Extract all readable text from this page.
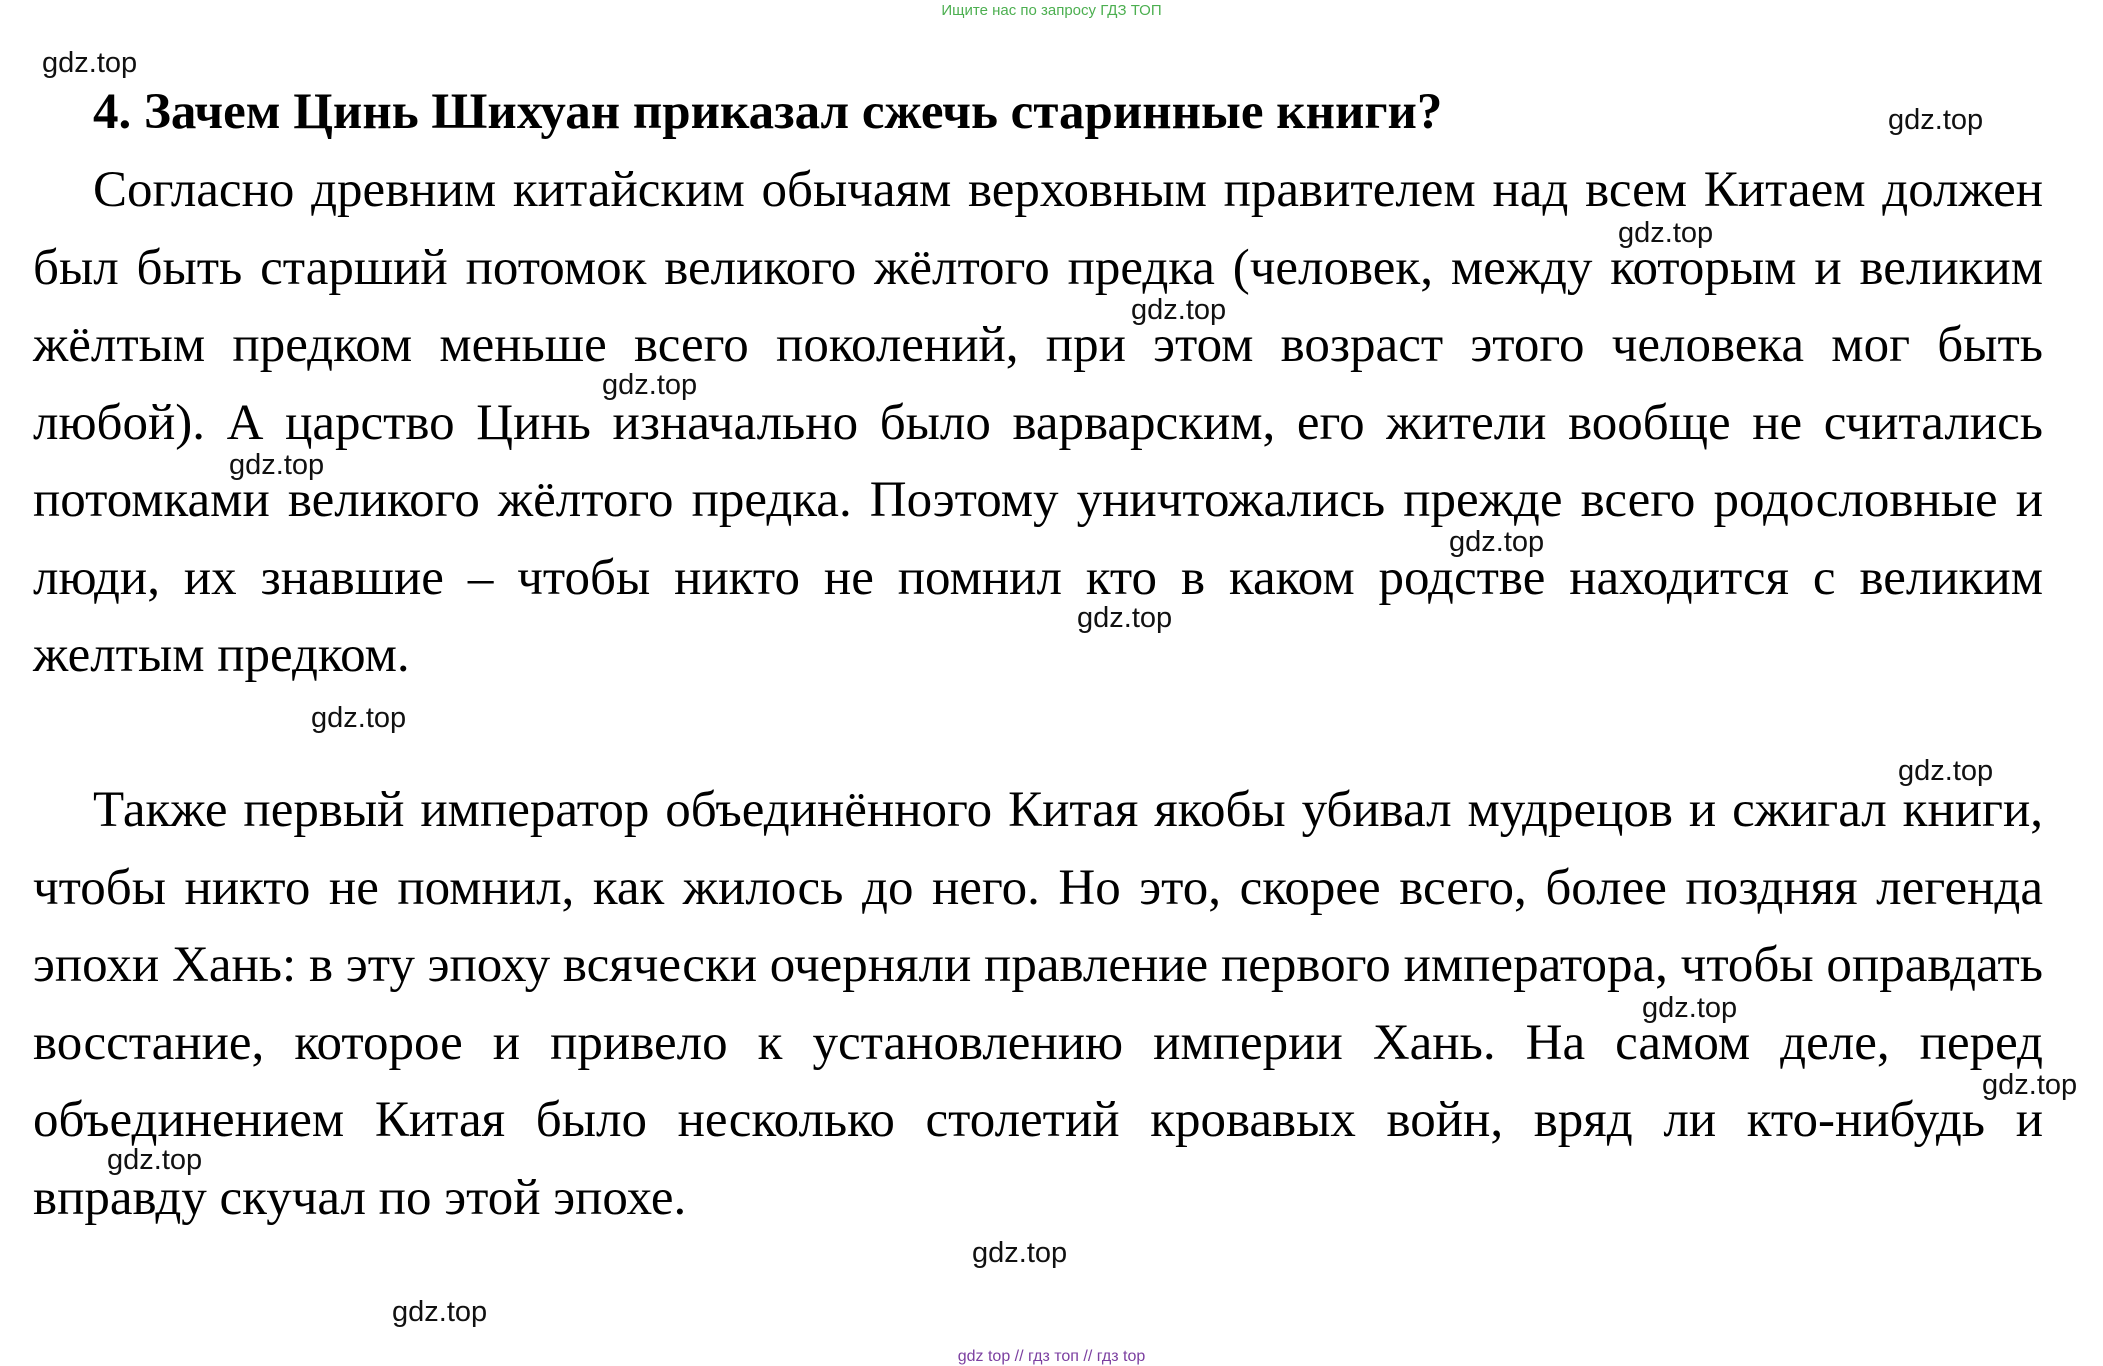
Ищите нас по запросу ГДЗ ТОП
4. Зачем Цинь Шихуан приказал сжечь старинные книги?

Согласно древним китайским обычаям верховным правителем над всем Китаем должен был быть старший потомок великого жёлтого предка (человек, между которым и великим жёлтым предком меньше всего поколений, при этом возраст этого человека мог быть любой). А царство Цинь изначально было варварским, его жители вообще не считались потомками великого жёлтого предка. Поэтому уничтожались прежде всего родословные и люди, их знавшие – чтобы никто не помнил кто в каком родстве находится с великим желтым предком.

Также первый император объединённого Китая якобы убивал мудрецов и сжигал книги, чтобы никто не помнил, как жилось до него. Но это, скорее всего, более поздняя легенда эпохи Хань: в эту эпоху всячески очерняли правление первого императора, чтобы оправдать восстание, которое и привело к установлению империи Хань. На самом деле, перед объединением Китая было несколько столетий кровавых войн, вряд ли кто-нибудь и вправду скучал по этой эпохе.

gdz.top
gdz.top
gdz.top
gdz.top
gdz.top
gdz.top
gdz.top
gdz.top
gdz.top
gdz.top
gdz.top
gdz.top
gdz.top
gdz.top
gdz.top
gdz top // гдз топ // гдз top
